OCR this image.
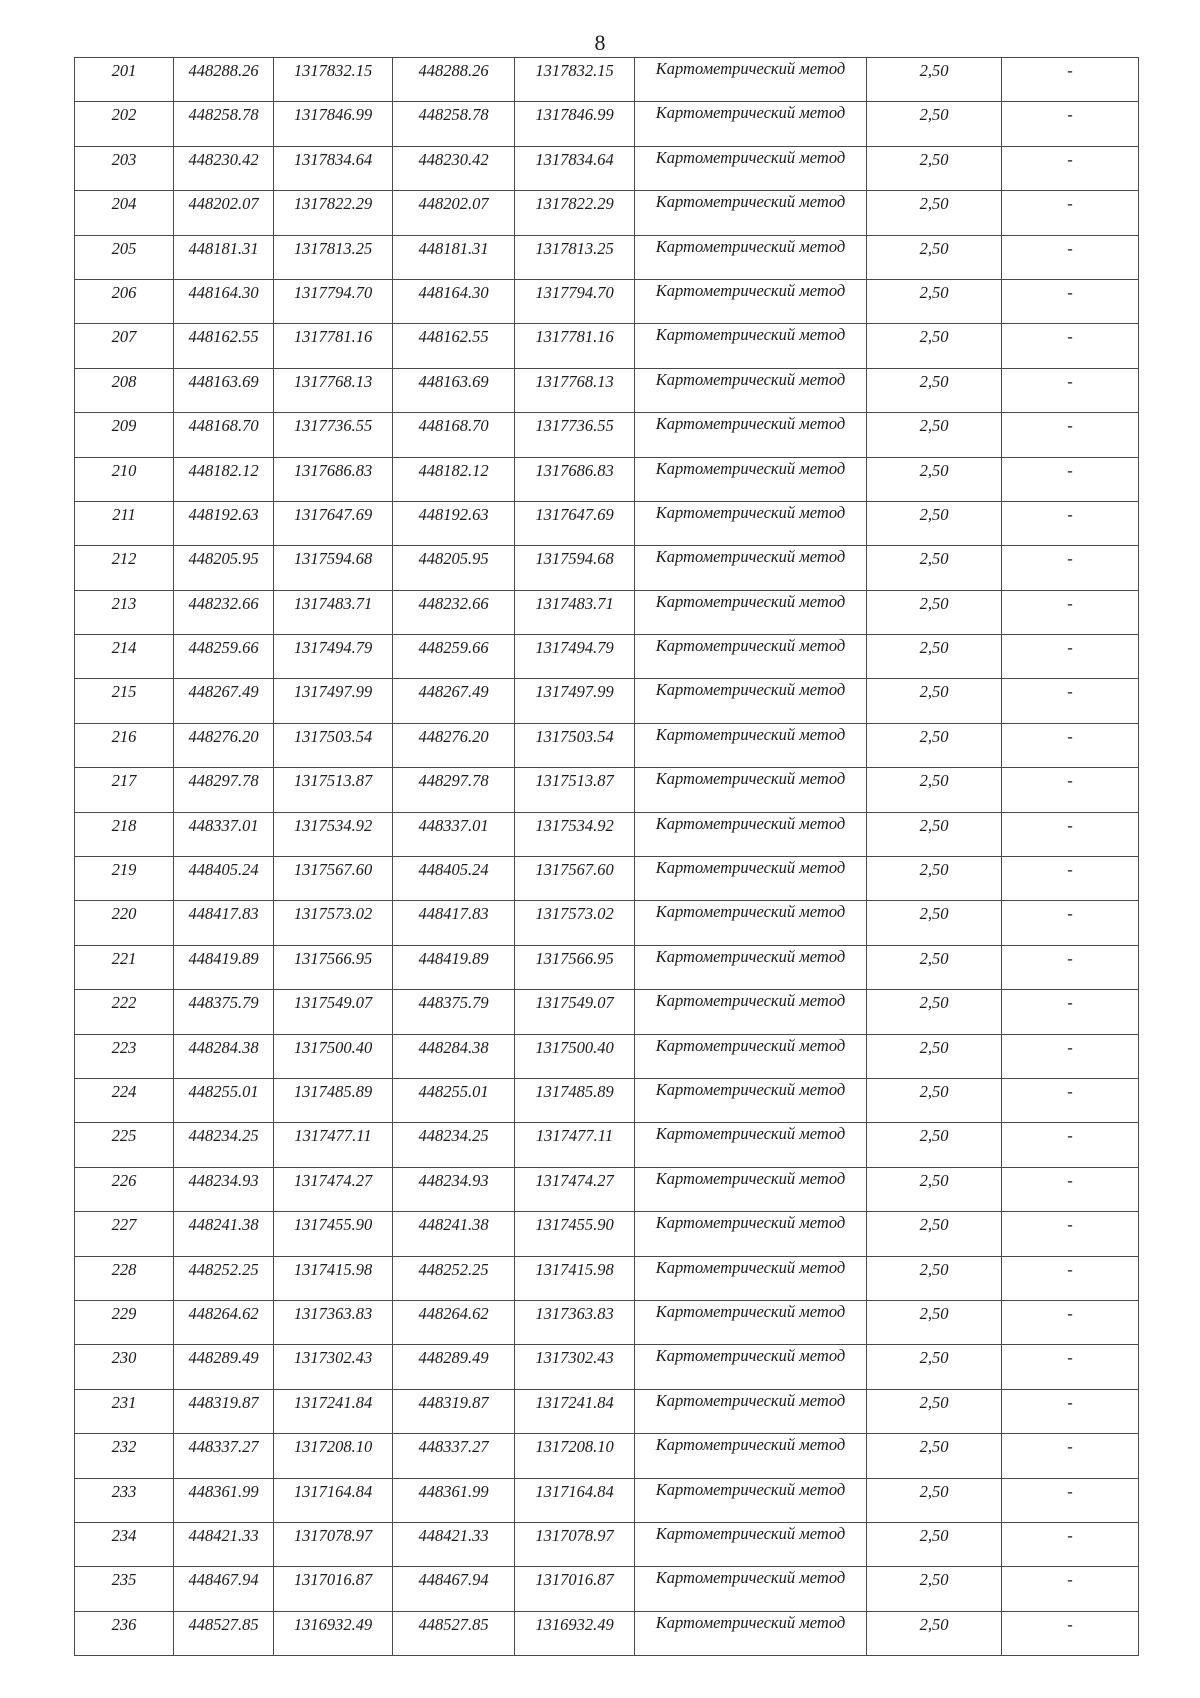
8
201	448288.26	1317832.15	448288.26	1317832.15	Картометрический метод	2,50	-

202	448258.78	1317846.99	448258.78	1317846.99	Картометрический метод	2,50	-

203	448230.42	1317834.64	448230.42	1317834.64	Картометрический метод	2,50	-

204	448202.07	1317822.29	448202.07	1317822.29	Картометрический метод	2,50	-

205	448181.31	1317813.25	448181.31	1317813.25	Картометрический метод	2,50	-

206	448164.30	1317794.70	448164.30	1317794.70	Картометрический метод	2,50	-

207	448162.55	1317781.16	448162.55	1317781.16	Картометрический метод	2,50	-

208	448163.69	1317768.13	448163.69	1317768.13	Картометрический метод	2,50	-

209	448168.70	1317736.55	448168.70	1317736.55	Картометрический метод	2,50	-

210	448182.12	1317686.83	448182.12	1317686.83	Картометрический метод	2,50	-

211	448192.63	1317647.69	448192.63	1317647.69	Картометрический метод	2,50	-

212	448205.95	1317594.68	448205.95	1317594.68	Картометрический метод	2,50	-

213	448232.66	1317483.71	448232.66	1317483.71	Картометрический метод	2,50	-

214	448259.66	1317494.79	448259.66	1317494.79	Картометрический метод	2,50	-

215	448267.49	1317497.99	448267.49	1317497.99	Картометрический метод	2,50	-

216	448276.20	1317503.54	448276.20	1317503.54	Картометрический метод	2,50	-

217	448297.78	1317513.87	448297.78	1317513.87	Картометрический метод	2,50	-

218	448337.01	1317534.92	448337.01	1317534.92	Картометрический метод	2,50	-

219	448405.24	1317567.60	448405.24	1317567.60	Картометрический метод	2,50	-

220	448417.83	1317573.02	448417.83	1317573.02	Картометрический метод	2,50	-

221	448419.89	1317566.95	448419.89	1317566.95	Картометрический метод	2,50	-

222	448375.79	1317549.07	448375.79	1317549.07	Картометрический метод	2,50	-

223	448284.38	1317500.40	448284.38	1317500.40	Картометрический метод	2,50	-

224	448255.01	1317485.89	448255.01	1317485.89	Картометрический метод	2,50	-

225	448234.25	1317477.11	448234.25	1317477.11	Картометрический метод	2,50	-

226	448234.93	1317474.27	448234.93	1317474.27	Картометрический метод	2,50	-

227	448241.38	1317455.90	448241.38	1317455.90	Картометрический метод	2,50	-

228	448252.25	1317415.98	448252.25	1317415.98	Картометрический метод	2,50	-

229	448264.62	1317363.83	448264.62	1317363.83	Картометрический метод	2,50	-

230	448289.49	1317302.43	448289.49	1317302.43	Картометрический метод	2,50	-

231	448319.87	1317241.84	448319.87	1317241.84	Картометрический метод	2,50	-

232	448337.27	1317208.10	448337.27	1317208.10	Картометрический метод	2,50	-

233	448361.99	1317164.84	448361.99	1317164.84	Картометрический метод	2,50	-

234	448421.33	1317078.97	448421.33	1317078.97	Картометрический метод	2,50	-

235	448467.94	1317016.87	448467.94	1317016.87	Картометрический метод	2,50	-

236	448527.85	1316932.49	448527.85	1316932.49	Картометрический метод	2,50	-
